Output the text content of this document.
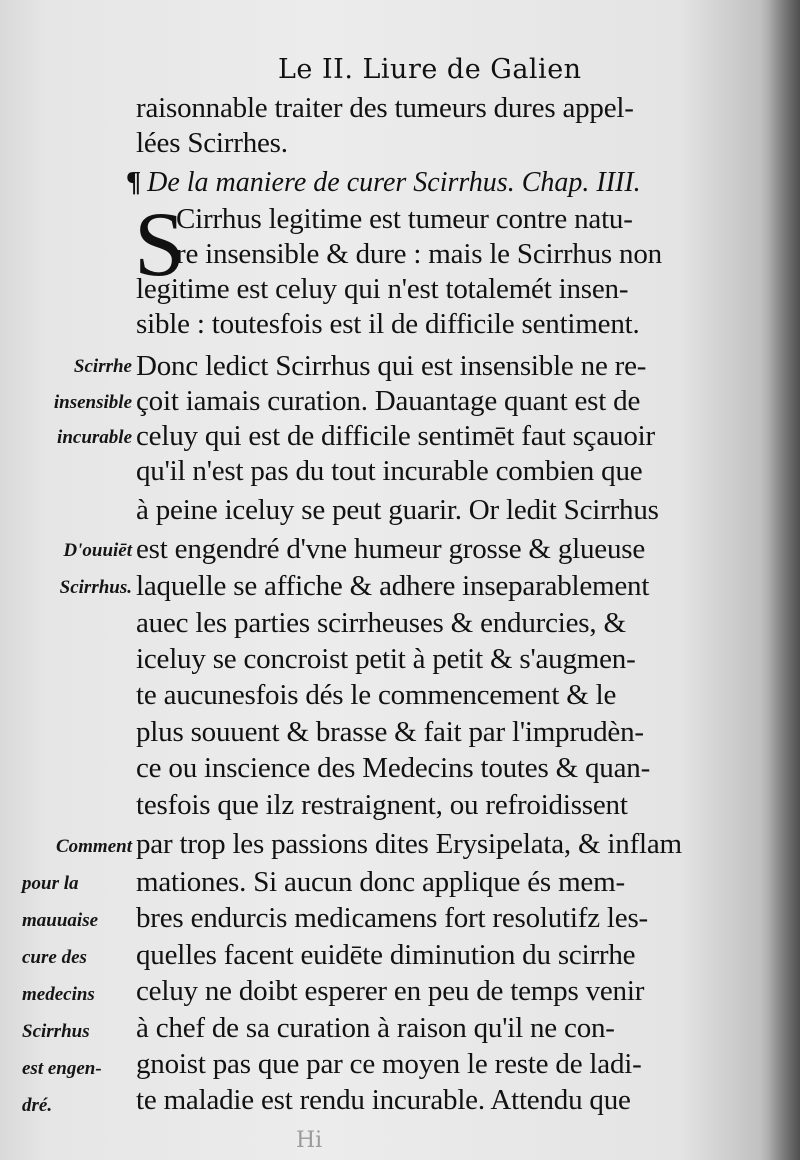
Le II. Liure de Galien
raisonnable traiter des tumeurs dures appel-
lées Scirrhes.
¶ De la maniere de curer Scirrhus. Chap. IIII.
S
Cirrhus legitime est tumeur contre natu-
re insensible & dure : mais le Scirrhus non
legitime est celuy qui n'est totalemét insen-
sible : toutesfois est il de difficile sentiment.
Donc ledict Scirrhus qui est insensible ne re-
çoit iamais curation. Dauantage quant est de
celuy qui est de difficile sentimēt faut sçauoir
qu'il n'est pas du tout incurable combien que
à peine iceluy se peut guarir. Or ledit Scirrhus
est engendré d'vne humeur grosse & glueuse
laquelle se affiche & adhere inseparablement
auec les parties scirrheuses & endurcies, &
iceluy se concroist petit à petit & s'augmen-
te aucunesfois dés le commencement & le
plus souuent & brasse & fait par l'imprudèn-
ce ou inscience des Medecins toutes & quan-
tesfois que ilz restraignent, ou refroidissent
par trop les passions dites Erysipelata, & inflam
mationes. Si aucun donc applique és mem-
bres endurcis medicamens fort resolutifz les-
quelles facent euidēte diminution du scirrhe
celuy ne doibt esperer en peu de temps venir
à chef de sa curation à raison qu'il ne con-
gnoist pas que par ce moyen le reste de ladi-
te maladie est rendu incurable. Attendu que
Scirrhe
insensible
incurable
D'ouuiēt
Scirrhus.
Comment
pour la
mauuaise
cure des
medecins
Scirrhus
est engen-
dré.
Hi
